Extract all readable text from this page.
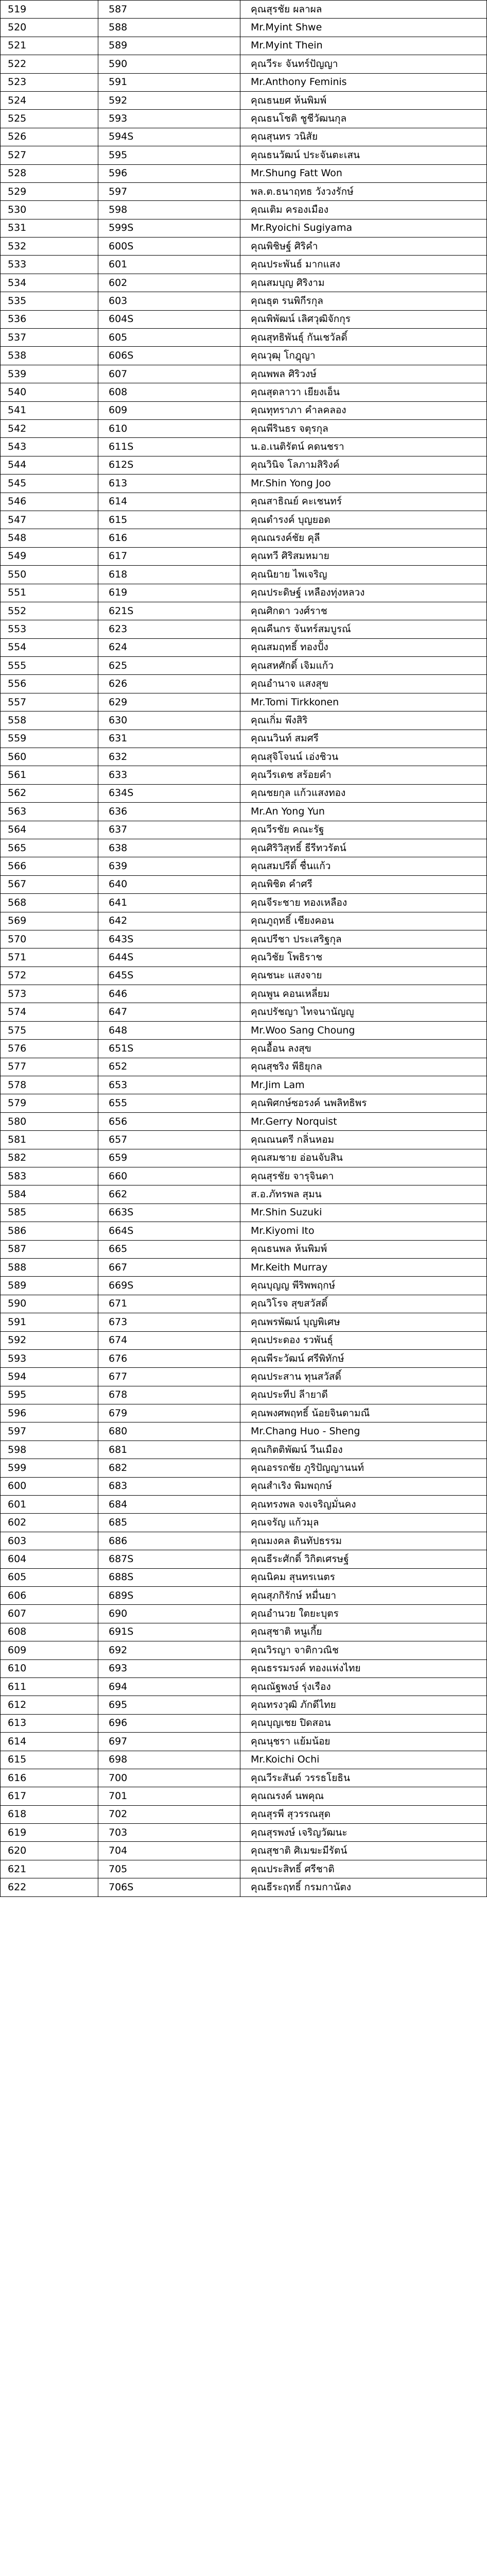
519	587	คุณสุรชัย ผลาผล
520	588	Mr.Myint Shwe
521	589	Mr.Myint Thein
522	590	คุณวีระ จันทร์ปัญญา
523	591	Mr.Anthony Feminis
524	592	คุณธนยศ ห้นพิมพ์
525	593	คุณธนโชติ ชูชีวัฒนกุล
526	594S	คุณสุนทร วนิสัย
527	595	คุณธนวัฒน์ ประจันตะเสน
528	596	Mr.Shung Fatt Won
529	597	พล.ต.ธนาฤทธ วังวงรักษ์
530	598	คุณเติม ครองเมือง
531	599S	Mr.Ryoichi Sugiyama
532	600S	คุณพิชิษฐ์ ศิริคำ
533	601	คุณประพันธ์ มากแสง
534	602	คุณสมบุญ ศิริงาม
535	603	คุณธุต รนพิกีรกุล
536	604S	คุณพิพัฒน์ เลิศวุฒิจักกุร
537	605	คุณสุทธิพันธุ์ กันเชวัลดิ์
538	606S	คุณวุฒุ โกฎุญา
539	607	คุณพพล ศิริวงษ์
540	608	คุณสุดลาวา เยียงเอ็น
541	609	คุณทุทราภา คำลคลอง
542	610	คุณพีรินธร จตุรกุล
543	611S	น.อ.เนติรัตน์ คดนชรา
544	612S	คุณวินิจ โลภามสิริงค์
545	613	Mr.Shin Yong Joo
546	614	คุณสาธิณย์ คะเชนทร์
547	615	คุณดำรงค์ บุญยอด
548	616	คุณณรงค์ชัย คุลี
549	617	คุณทวี ศิริสมหมาย
550	618	คุณนิยาย ไพเจริญ
551	619	คุณประดิษฐ์ เหลืองทุ่งหลวง
552	621S	คุณศิกดา วงศ์ราช
553	623	คุณคีนกร จันทร์สมบูรณ์
554	624	คุณสมฤทธิ์ ทองปั้ง
555	625	คุณสหศักดิ์ เจิมแก้ว
556	626	คุณอำนาจ แสงสุข
557	629	Mr.Tomi Tirkkonen
558	630	คุณเกิ่ม พึงสิริ
559	631	คุณนวินท์ สมศรี
560	632	คุณสุจิโจนน์ เอ่งชิวน
561	633	คุณวีรเดช สร้อยคำ
562	634S	คุณชยกุล แก้วแสงทอง
563	636	Mr.An Yong Yun
564	637	คุณวีรชัย คณะรัฐ
565	638	คุณศิริวิสุทธิ์ ธีรีทวรัตน์
566	639	คุณสมปรีดิ์ ชื่นแก้ว
567	640	คุณพิชิต คำศรี
568	641	คุณจีระชาย ทองเหลือง
569	642	คุณภูฤทธิ์ เชียงคอน
570	643S	คุณปรีชา ประเสริฐกุล
571	644S	คุณวิชัย โพธิราช
572	645S	คุณชนะ แสงจาย
573	646	คุณพูน คอนเหลี่ยม
574	647	คุณปรัชญา ไทจนานัญญู
575	648	Mr.Woo Sang Choung
576	651S	คุณอื้อน ลงสุข
577	652	คุณสุชริง พีธิยุกล
578	653	Mr.Jim Lam
579	655	คุณพิศกษ์ซอรงค์ นพลิทธิพร
580	656	Mr.Gerry Norquist
581	657	คุณณนตรี กลิ่นหอม
582	659	คุณสมชาย อ่อนจับสิน
583	660	คุณสุรชัย จารุจินดา
584	662	ส.อ.ภัทรพล สุมน
585	663S	Mr.Shin Suzuki
586	664S	Mr.Kiyomi Ito
587	665	คุณธนพล ห้นพิมพ์
588	667	Mr.Keith Murray
589	669S	คุณบุญญ พีริพพฤกษ์
590	671	คุณวิโรจ สุขสวัสดิ์
591	673	คุณพรพัฒน์ บุญพิเศษ
592	674	คุณประดอง รวพันธุ์
593	676	คุณพีระวัฒน์ ศรีพิทักษ์
594	677	คุณประสาน ทุนสวัสดิ์
595	678	คุณประทีป ลีายาดี
596	679	คุณพงศพฤทธิ์ น้อยจินดามณี
597	680	Mr.Chang Huo - Sheng
598	681	คุณกิตติพัฒน์ วีนเมือง
599	682	คุณอรรถชัย ภูริปัญญานนท์
600	683	คุณสำเริง พิมพฤกษ์
601	684	คุณทรงพล จงเจริญมั่นคง
602	685	คุณจรัญ แก้วมุล
603	686	คุณมงคล ดินทัปธรรม
604	687S	คุณธีระศักดิ์ วิกิตเศรษฐ์
605	688S	คุณนิคม สุนทรเนตร
606	689S	คุณสุภกิรักษ์ หมื่นยา
607	690	คุณอำนวย ใตยะบุตร
608	691S	คุณสุชาติ หนูเกี้ย
609	692	คุณวิรญา จาติกวณิช
610	693	คุณธรรมรงค์ ทองแห่งไทย
611	694	คุณณัฐพงษ์ รุ่งเรือง
612	695	คุณทรงวุฒิ ภักดีไทย
613	696	คุณบุญเชย ปิดสอน
614	697	คุณนุชรา แย้มน้อย
615	698	Mr.Koichi Ochi
616	700	คุณวีระสันต์ วรรธโยธิน
617	701	คุณณรงค์ นพคุณ
618	702	คุณสุรพี สุวรรณสุด
619	703	คุณสุรพงษ์ เจริญวัฒนะ
620	704	คุณสุชาติ ศิเมฆะมีรัตน์
621	705	คุณประสิทธิ์ ศรีชาติ
622	706S	คุณธีระฤทธิ์ กรมกานัตง
